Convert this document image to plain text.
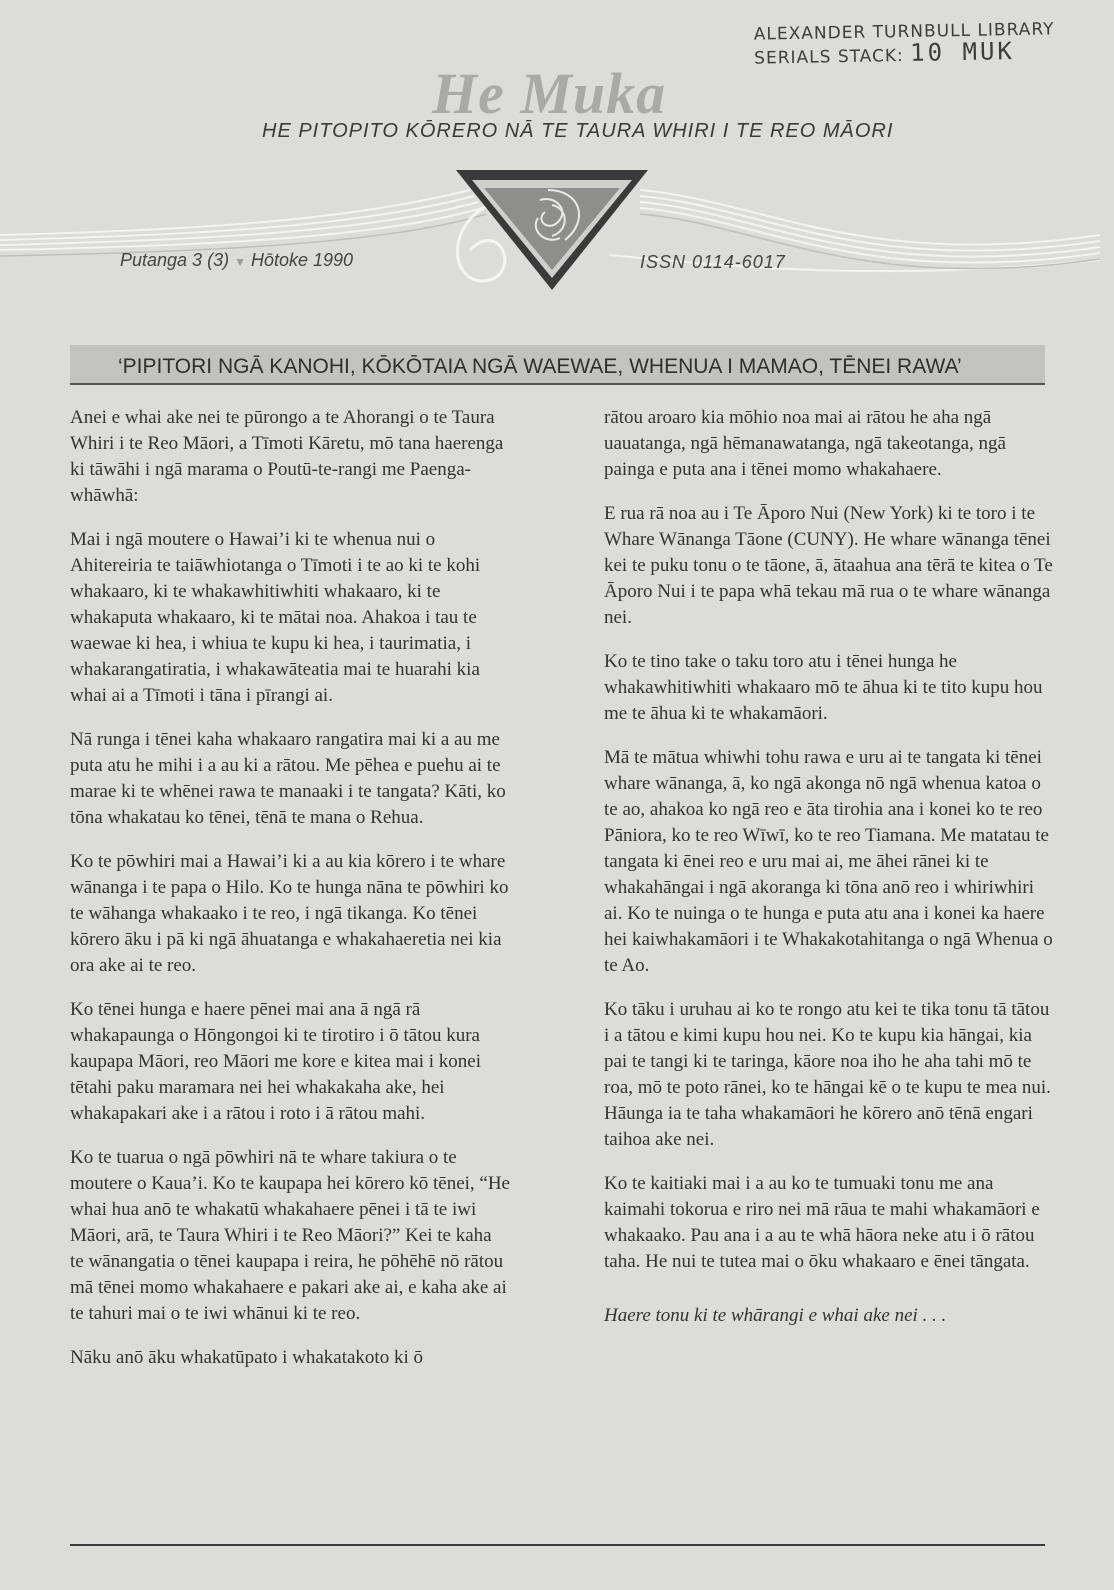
ALEXANDER TURNBULL LIBRARY
SERIALS STACK: 10 MUK
He Muka
HE PITOPITO KŌRERO NĀ TE TAURA WHIRI I TE REO MĀORI
Putanga 3 (3) ▼ Hōtoke 1990	ISSN 0114-6017
‘PIPITORI NGĀ KANOHI, KŌKŌTAIA NGĀ WAEWAE, WHENUA I MAMAO, TĒNEI RAWA’

Anei e whai ake nei te pūrongo a te Ahorangi o te Taura Whiri i te Reo Māori, a Tīmoti Kāretu, mō tana haerenga ki tāwāhi i ngā marama o Poutū-te-rangi me Paenga-whāwhā:

Mai i ngā moutere o Hawai’i ki te whenua nui o Ahitereiria te taiāwhiotanga o Tīmoti i te ao ki te kohi whakaaro, ki te whakawhitiwhiti whakaaro, ki te whakaputa whakaaro, ki te mātai noa. Ahakoa i tau te waewae ki hea, i whiua te kupu ki hea, i taurimatia, i whakarangatiratia, i whakawāteatia mai te huarahi kia whai ai a Tīmoti i tāna i pīrangi ai.

Nā runga i tēnei kaha whakaaro rangatira mai ki a au me puta atu he mihi i a au ki a rātou. Me pēhea e puehu ai te marae ki te whēnei rawa te manaaki i te tangata? Kāti, ko tōna whakatau ko tēnei, tēnā te mana o Rehua.

Ko te pōwhiri mai a Hawai’i ki a au kia kōrero i te whare wānanga i te papa o Hilo. Ko te hunga nāna te pōwhiri ko te wāhanga whakaako i te reo, i ngā tikanga. Ko tēnei kōrero āku i pā ki ngā āhuatanga e whakahaeretia nei kia ora ake ai te reo.

Ko tēnei hunga e haere pēnei mai ana ā ngā rā whakapaunga o Hōngongoi ki te tirotiro i ō tātou kura kaupapa Māori, reo Māori me kore e kitea mai i konei tētahi paku maramara nei hei whakakaha ake, hei whakapakari ake i a rātou i roto i ā rātou mahi.

Ko te tuarua o ngā pōwhiri nā te whare takiura o te moutere o Kaua’i. Ko te kaupapa hei kōrero kō tēnei, “He whai hua anō te whakatū whakahaere pēnei i tā te iwi Māori, arā, te Taura Whiri i te Reo Māori?” Kei te kaha te wānangatia o tēnei kaupapa i reira, he pōhēhē nō rātou mā tēnei momo whakahaere e pakari ake ai, e kaha ake ai te tahuri mai o te iwi whānui ki te reo.

Nāku anō āku whakatūpato i whakatakoto ki ō

rātou aroaro kia mōhio noa mai ai rātou he aha ngā uauatanga, ngā hēmanawatanga, ngā takeotanga, ngā painga e puta ana i tēnei momo whakahaere.

E rua rā noa au i Te Āporo Nui (New York) ki te toro i te Whare Wānanga Tāone (CUNY). He whare wānanga tēnei kei te puku tonu o te tāone, ā, ātaahua ana tērā te kitea o Te Āporo Nui i te papa whā tekau mā rua o te whare wānanga nei.

Ko te tino take o taku toro atu i tēnei hunga he whakawhitiwhiti whakaaro mō te āhua ki te tito kupu hou me te āhua ki te whakamāori.

Mā te mātua whiwhi tohu rawa e uru ai te tangata ki tēnei whare wānanga, ā, ko ngā akonga nō ngā whenua katoa o te ao, ahakoa ko ngā reo e āta tirohia ana i konei ko te reo Pāniora, ko te reo Wīwī, ko te reo Tiamana. Me matatau te tangata ki ēnei reo e uru mai ai, me āhei rānei ki te whakahāngai i ngā akoranga ki tōna anō reo i whiriwhiri ai. Ko te nuinga o te hunga e puta atu ana i konei ka haere hei kaiwhakamāori i te Whakakotahitanga o ngā Whenua o te Ao.

Ko tāku i uruhau ai ko te rongo atu kei te tika tonu tā tātou i a tātou e kimi kupu hou nei. Ko te kupu kia hāngai, kia pai te tangi ki te taringa, kāore noa iho he aha tahi mō te roa, mō te poto rānei, ko te hāngai kē o te kupu te mea nui. Hāunga ia te taha whakamāori he kōrero anō tēnā engari taihoa ake nei.

Ko te kaitiaki mai i a au ko te tumuaki tonu me ana kaimahi tokorua e riro nei mā rāua te mahi whakamāori e whakaako. Pau ana i a au te whā hāora neke atu i ō rātou taha. He nui te tutea mai o ōku whakaaro e ēnei tāngata.

Haere tonu ki te whārangi e whai ake nei . . .
